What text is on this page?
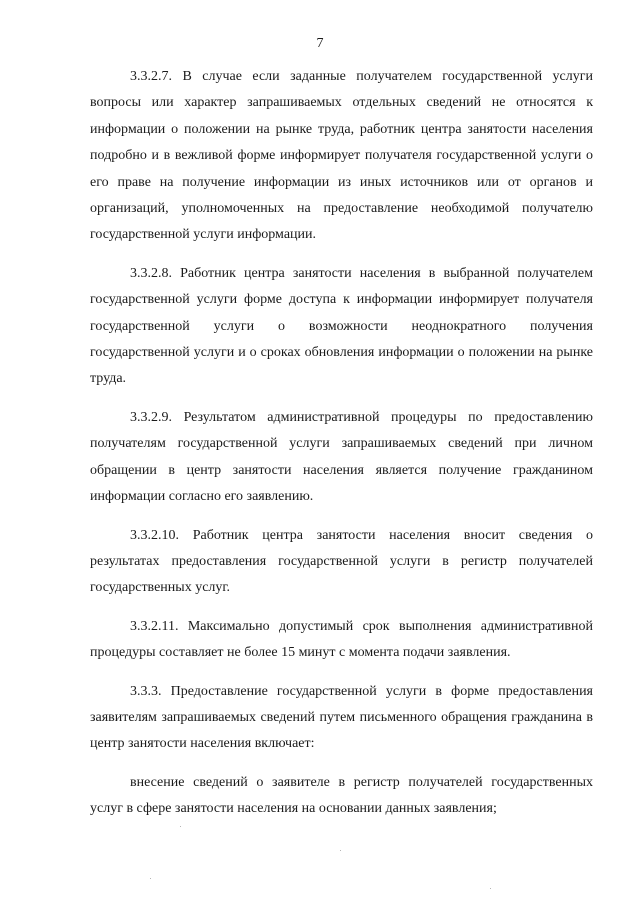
7

3.3.2.7. В случае если заданные получателем государственной услуги вопросы или характер запрашиваемых отдельных сведений не относятся к информации о положении на рынке труда, работник центра занятости населения подробно и в вежливой форме информирует получателя государственной услуги о его праве на получение информации из иных источников или от органов и организаций, уполномоченных на предоставление необходимой получателю государственной услуги информации.

3.3.2.8. Работник центра занятости населения в выбранной получателем государственной услуги форме доступа к информации информирует получателя государственной услуги о возможности неоднократного получения государственной услуги и о сроках обновления информации о положении на рынке труда.

3.3.2.9. Результатом административной процедуры по предоставлению получателям государственной услуги запрашиваемых сведений при личном обращении в центр занятости населения является получение гражданином информации согласно его заявлению.

3.3.2.10. Работник центра занятости населения вносит сведения о результатах предоставления государственной услуги в регистр получателей государственных услуг.

3.3.2.11. Максимально допустимый срок выполнения административной процедуры составляет не более 15 минут с момента подачи заявления.

3.3.3. Предоставление государственной услуги в форме предоставления заявителям запрашиваемых сведений путем письменного обращения гражданина в центр занятости населения включает:

внесение сведений о заявителе в регистр получателей государственных услуг в сфере занятости населения на основании данных заявления;
